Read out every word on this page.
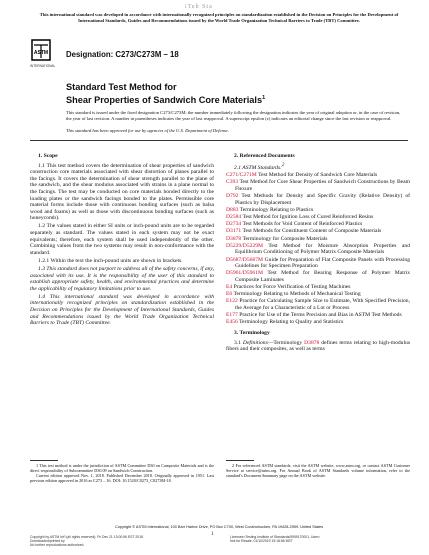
iTeh Sta
This international standard was developed in accordance with internationally recognized principles on standardization established in the Decision on Principles for the Development of International Standards, Guides and Recommendations issued by the World Trade Organization Technical Barriers to Trade (TBT) Committee.
ASTM
INTERNATIONAL
Designation: C273/C273M – 18
Standard Test Method for
Shear Properties of Sandwich Core Materials$^1$
This standard is issued under the fixed designation C273/C273M; the number immediately following the designation indicates the year of original adoption or, in the case of revision, the year of last revision. A number in parentheses indicates the year of last reapproval. A superscript epsilon (ε) indicates an editorial change since the last revision or reapproval.
This standard has been approved for use by agencies of the U.S. Department of Defense.
1. Scope

1.1 This test method covers the determination of shear properties of sandwich construction core materials associated with shear distortion of planes parallel to the facings. It covers the determination of shear strength parallel to the plane of the sandwich, and the shear modulus associated with strains in a plane normal to the facings. The test may be conducted on core materials bonded directly to the loading plates or the sandwich facings bonded to the plates. Permissible core material forms include those with continuous bonding surfaces (such as balsa wood and foams) as well as those with discontinuous bonding surfaces (such as honeycomb).

1.2 The values stated in either SI units or inch-pound units are to be regarded separately as standard. The values stated in each system may not be exact equivalents; therefore, each system shall be used independently of the other. Combining values from the two systems may result in non-conformance with the standard.

1.2.1 Within the text the inch-pound units are shown in brackets.

1.3 This standard does not purport to address all of the safety concerns, if any, associated with its use. It is the responsibility of the user of this standard to establish appropriate safety, health, and environmental practices and determine the applicability of regulatory limitations prior to use.

1.4 This international standard was developed in accordance with internationally recognized principles on standardization established in the Decision on Principles for the Development of International Standards, Guides and Recommendations issued by the World Trade Organization Technical Barriers to Trade (TBT) Committee.

2. Referenced Documents
2.1 ASTM Standards:$^2$
C271/C271M Test Method for Density of Sandwich Core Materials
C393 Test Method for Core Shear Properties of Sandwich Constructions by Beam Flexure
D792 Test Methods for Density and Specific Gravity (Relative Density) of Plastics by Displacement
D883 Terminology Relating to Plastics
D2584 Test Method for Ignition Loss of Cured Reinforced Resins
D2734 Test Methods for Void Content of Reinforced Plastics
D3171 Test Methods for Constituent Content of Composite Materials
D3878 Terminology for Composite Materials
D5229/D5229M Test Method for Moisture Absorption Properties and Equilibrium Conditioning of Polymer Matrix Composite Materials
D5687/D5687M Guide for Preparation of Flat Composite Panels with Processing Guidelines for Specimen Preparation
D5961/D5961M Test Method for Bearing Response of Polymer Matrix Composite Laminates
E4 Practices for Force Verification of Testing Machines
E6 Terminology Relating to Methods of Mechanical Testing
E122 Practice for Calculating Sample Size to Estimate, With Specified Precision, the Average for a Characteristic of a Lot or Process
E177 Practice for Use of the Terms Precision and Bias in ASTM Test Methods
E456 Terminology Relating to Quality and Statistics
3. Terminology

3.1 Definitions—Terminology D3878 defines terms relating to high-modulus fibers and their composites, as well as terms

1 This test method is under the jurisdiction of ASTM Committee D30 on Composite Materials and is the direct responsibility of Subcommittee D30.09 on Sandwich Construction.
Current edition approved Nov. 1, 2018. Published December 2018. Originally approved in 1951. Last previous edition approved in 2016 as C273 – 16. DOI: 10.1520/C0273_C0273M-18.
2 For referenced ASTM standards, visit the ASTM website, www.astm.org, or contact ASTM Customer Service at service@astm.org. For Annual Book of ASTM Standards volume information, refer to the standard's Document Summary page on the ASTM website.
Copyright © ASTM International, 100 Barr Harbor Drive, PO Box C700, West Conshohocken, PA 19428-2959. United States
1
Copyright by ASTM Int'l (all rights reserved); Fri Dec 21 13:00:56 EST 2018
Downloaded/printed by
No further reproductions authorized.
Licensee=Testing Institute of Standards/5959170001, User=
Not for Resale, 01/10/2019 19:18:56 MST
